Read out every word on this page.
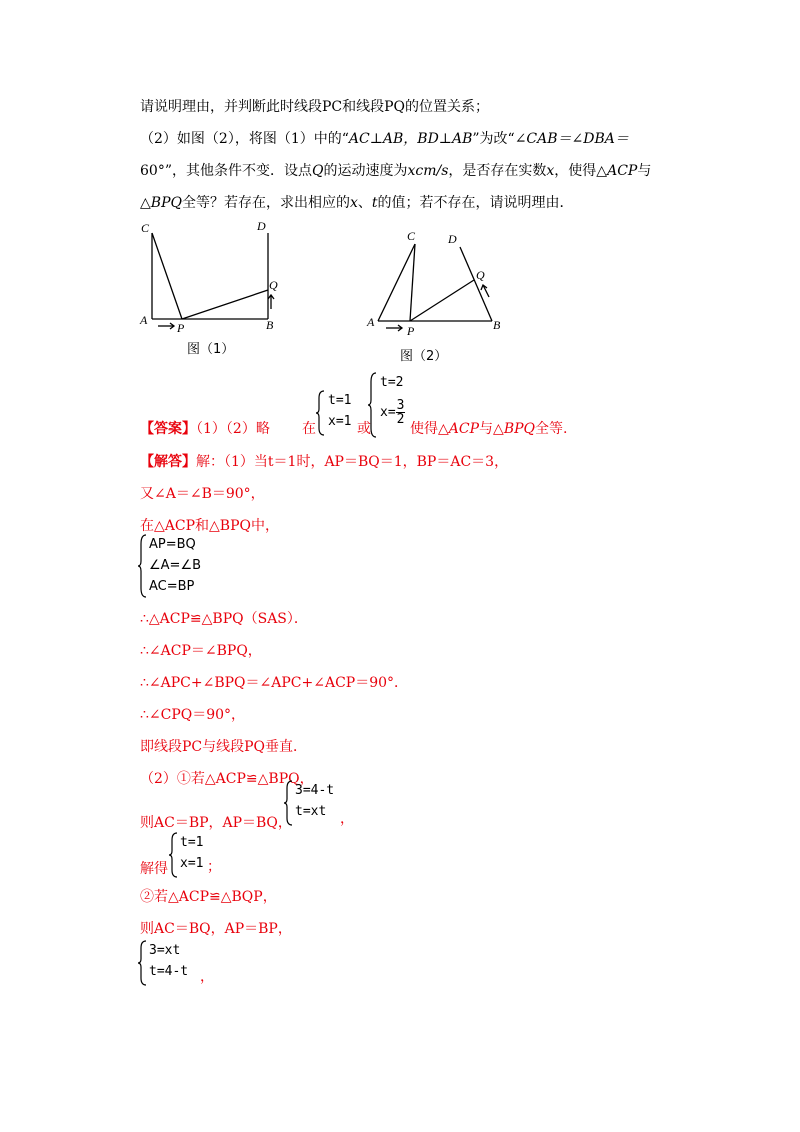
请说明理由，并判断此时线段PC和线段PQ的位置关系；
（2）如图（2），将图（1）中的“AC⊥AB，BD⊥AB”为改“∠CAB＝∠DBA＝
60°”，其他条件不变．设点Q的运动速度为xcm/s，是否存在实数x，使得△ACP与
△BPQ全等？若存在，求出相应的x、t的值；若不存在，请说明理由．
C	D
Q
A
P	B
图（1）
C	D
Q
A
P	B
图（2）
【答案】（1）（2）略 在
t=1
x=1 或
t=2
$x= \frac{3}{2}$
使得△ACP与△BPQ全等.
【解答】解：（1）当t＝1时，AP＝BQ＝1，BP＝AC＝3，
又∠A＝∠B＝90°，
在△ACP和△BPQ中，
AP=BQ
∠A=∠B
AC=BP
∴△ACP≌△BPQ（SAS）．
∴∠ACP＝∠BPQ，
∴∠APC+∠BPQ＝∠APC+∠ACP＝90°．
∴∠CPQ＝90°，
即线段PC与线段PQ垂直．
（2）①若△ACP≌△BPQ，
则AC＝BP，AP＝BQ，
3=4-t
t=xt ，
解得
t=1
x=1 ；
②若△ACP≌△BQP，
则AC＝BQ，AP＝BP，
3=xt
t=4-t ，
